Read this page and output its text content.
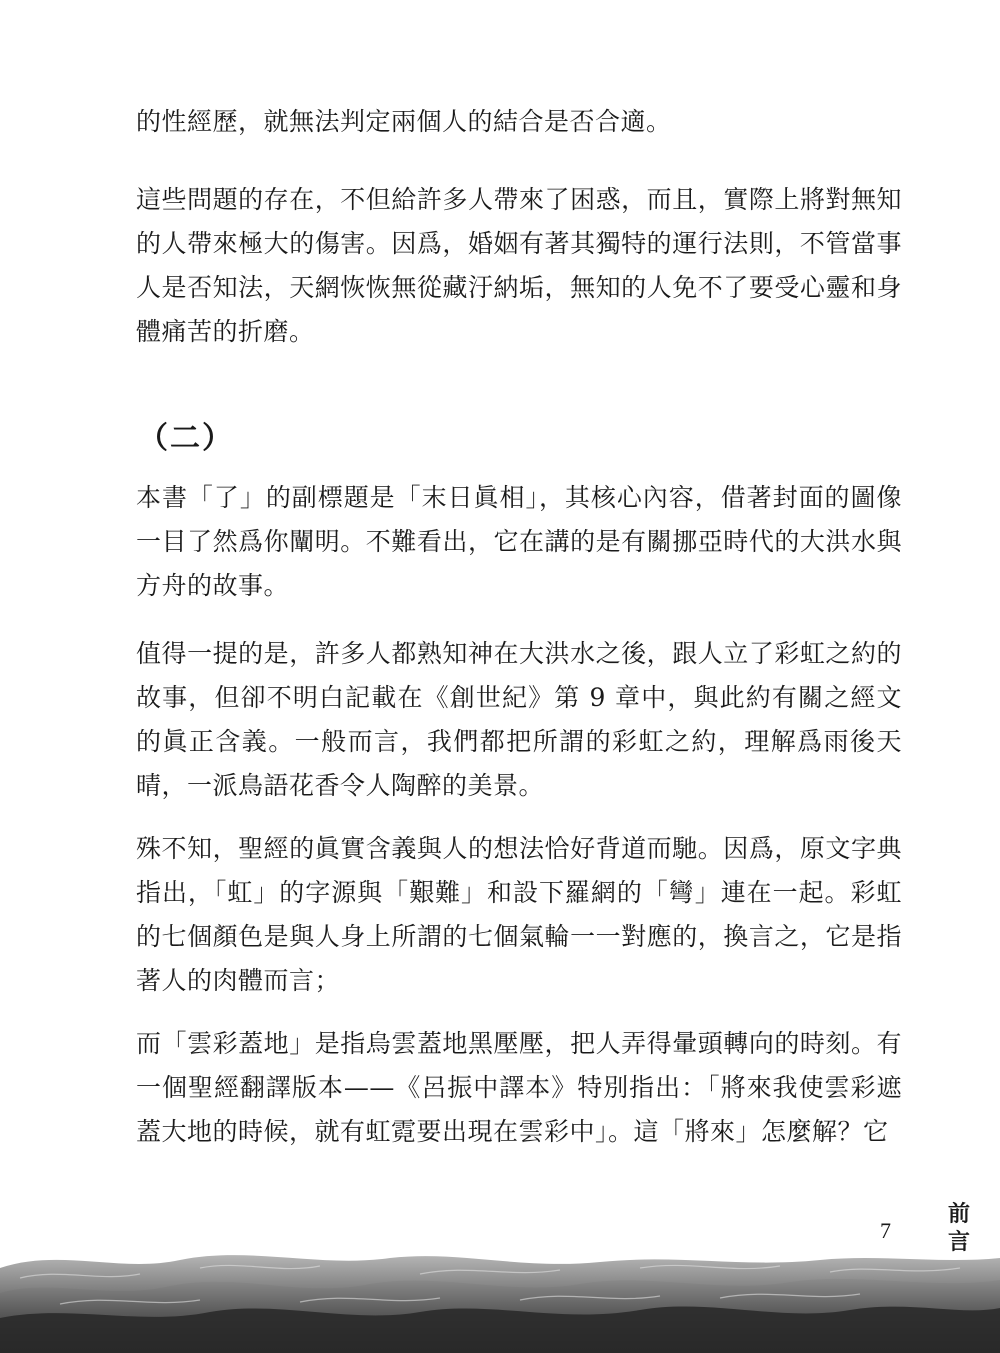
的性經歷，就無法判定兩個人的結合是否合適。
這些問題的存在，不但給許多人帶來了困惑，而且，實際上將對無知的人帶來極大的傷害。因爲，婚姻有著其獨特的運行法則，不管當事人是否知法，天網恢恢無從藏汙納垢，無知的人免不了要受心靈和身體痛苦的折磨。
（二）
本書「了」的副標題是「末日眞相」，其核心內容，借著封面的圖像一目了然爲你闡明。不難看出，它在講的是有關挪亞時代的大洪水與方舟的故事。
值得一提的是，許多人都熟知神在大洪水之後，跟人立了彩虹之約的故事，但卻不明白記載在《創世紀》第 9 章中，與此約有關之經文的眞正含義。一般而言，我們都把所謂的彩虹之約，理解爲雨後天晴，一派鳥語花香令人陶醉的美景。
殊不知，聖經的眞實含義與人的想法恰好背道而馳。因爲，原文字典指出，「虹」的字源與「艱難」和設下羅網的「彎」連在一起。彩虹的七個顏色是與人身上所謂的七個氣輪一一對應的，換言之，它是指著人的肉體而言；
而「雲彩蓋地」是指烏雲蓋地黑壓壓，把人弄得暈頭轉向的時刻。有一個聖經翻譯版本——《呂振中譯本》特別指出：「將來我使雲彩遮蓋大地的時候，就有虹霓要出現在雲彩中」。這「將來」怎麼解？它
7
前言
